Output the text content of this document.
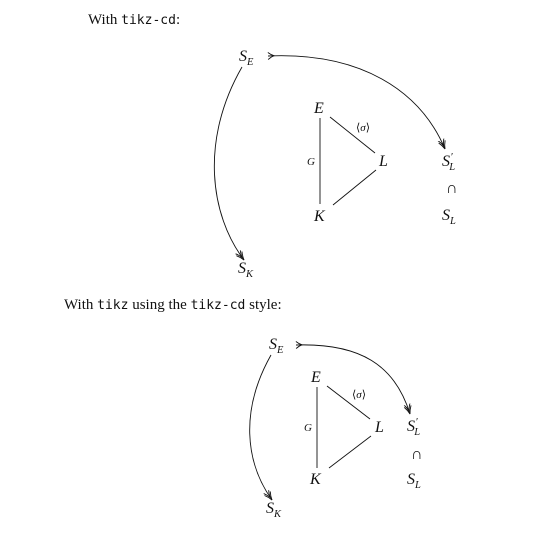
With tikz-cd:
With tikz using the tikz-cd style:
$S_E$
$S_K$
S′ L
∩
$S_L$
E
L
K
G
⟨σ⟩
$S_E$
$S_K$
S′ L
∩
$S_L$
E
L
K
G
⟨σ⟩
